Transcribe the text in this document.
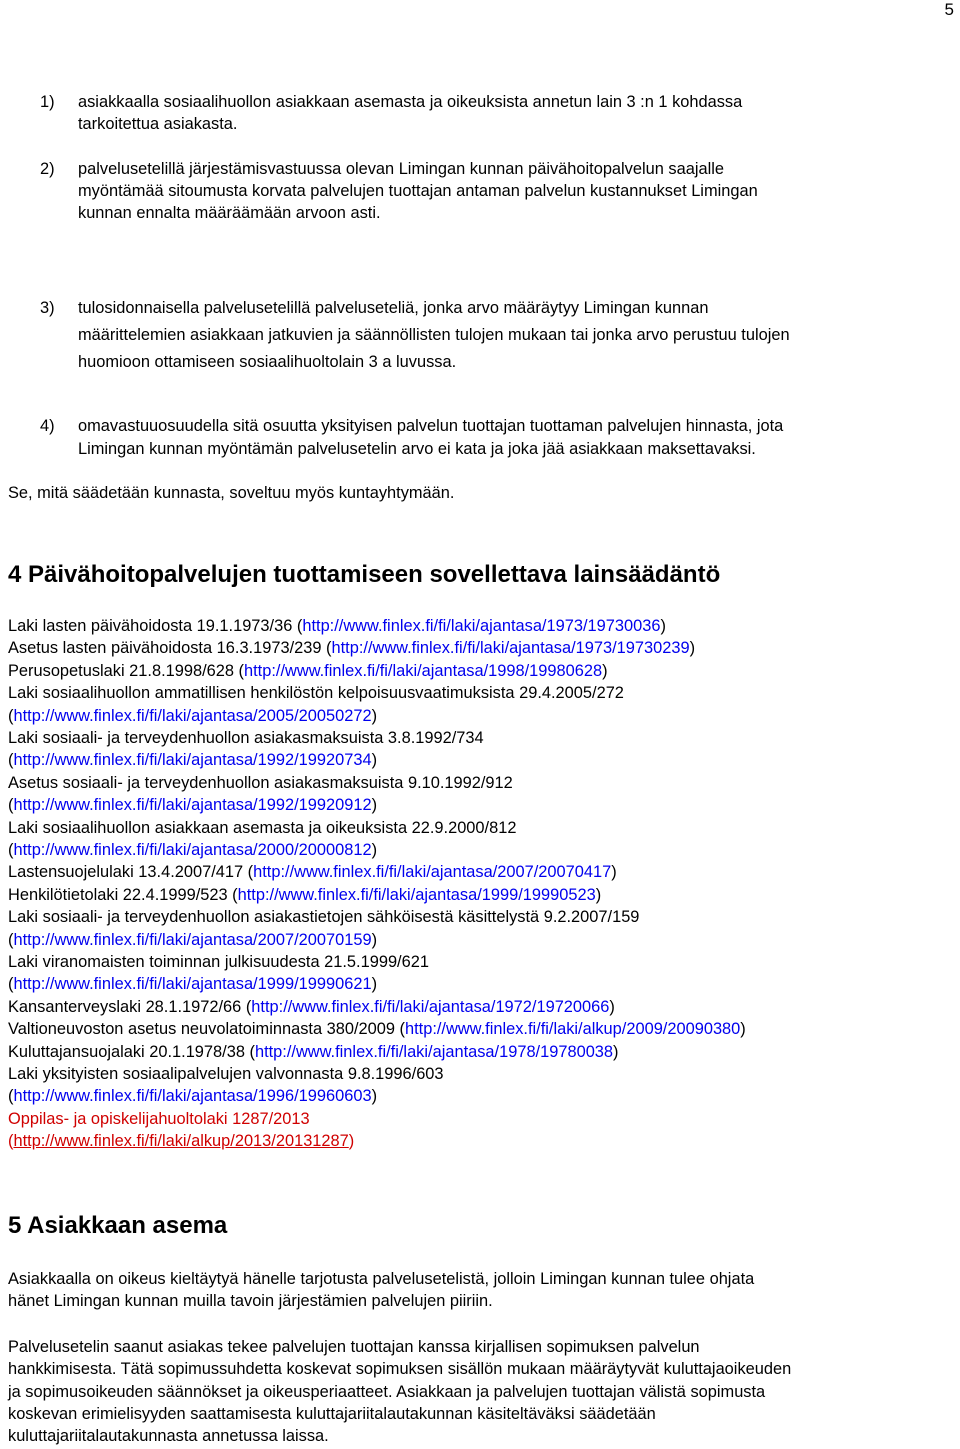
5
1) asiakkaalla sosiaalihuollon asiakkaan asemasta ja oikeuksista annetun lain 3 :n 1 kohdassa
tarkoitettua asiakasta.
2) palvelusetelillä järjestämisvastuussa olevan Limingan kunnan päivähoitopalvelun saajalle
myöntämää sitoumusta korvata palvelujen tuottajan antaman palvelun kustannukset Limingan
kunnan ennalta määräämään arvoon asti.
3) tulosidonnaisella palvelusetelillä palveluseteliä, jonka arvo määräytyy Limingan kunnan
määrittelemien asiakkaan jatkuvien ja säännöllisten tulojen mukaan tai jonka arvo perustuu tulojen
huomioon ottamiseen sosiaalihuoltolain 3 a luvussa.
4) omavastuuosuudella sitä osuutta yksityisen palvelun tuottajan tuottaman palvelujen hinnasta, jota
Limingan kunnan myöntämän palvelusetelin arvo ei kata ja joka jää asiakkaan maksettavaksi.
Se, mitä säädetään kunnasta, soveltuu myös kuntayhtymään.
4 Päivähoitopalvelujen tuottamiseen sovellettava lainsäädäntö
Laki lasten päivähoidosta 19.1.1973/36 (http://www.finlex.fi/fi/laki/ajantasa/1973/19730036)
Asetus lasten päivähoidosta 16.3.1973/239 (http://www.finlex.fi/fi/laki/ajantasa/1973/19730239)
Perusopetuslaki 21.8.1998/628 (http://www.finlex.fi/fi/laki/ajantasa/1998/19980628)
Laki sosiaalihuollon ammatillisen henkilöstön kelpoisuusvaatimuksista 29.4.2005/272
(http://www.finlex.fi/fi/laki/ajantasa/2005/20050272)
Laki sosiaali- ja terveydenhuollon asiakasmaksuista 3.8.1992/734
(http://www.finlex.fi/fi/laki/ajantasa/1992/19920734)
Asetus sosiaali- ja terveydenhuollon asiakasmaksuista 9.10.1992/912
(http://www.finlex.fi/fi/laki/ajantasa/1992/19920912)
Laki sosiaalihuollon asiakkaan asemasta ja oikeuksista 22.9.2000/812
(http://www.finlex.fi/fi/laki/ajantasa/2000/20000812)
Lastensuojelulaki 13.4.2007/417 (http://www.finlex.fi/fi/laki/ajantasa/2007/20070417)
Henkilötietolaki 22.4.1999/523 (http://www.finlex.fi/fi/laki/ajantasa/1999/19990523)
Laki sosiaali- ja terveydenhuollon asiakastietojen sähköisestä käsittelystä 9.2.2007/159
(http://www.finlex.fi/fi/laki/ajantasa/2007/20070159)
Laki viranomaisten toiminnan julkisuudesta 21.5.1999/621
(http://www.finlex.fi/fi/laki/ajantasa/1999/19990621)
Kansanterveyslaki 28.1.1972/66 (http://www.finlex.fi/fi/laki/ajantasa/1972/19720066)
Valtioneuvoston asetus neuvolatoiminnasta 380/2009 (http://www.finlex.fi/fi/laki/alkup/2009/20090380)
Kuluttajansuojalaki 20.1.1978/38 (http://www.finlex.fi/fi/laki/ajantasa/1978/19780038)
Laki yksityisten sosiaalipalvelujen valvonnasta 9.8.1996/603
(http://www.finlex.fi/fi/laki/ajantasa/1996/19960603)
Oppilas- ja opiskelijahuoltolaki 1287/2013
(http://www.finlex.fi/fi/laki/alkup/2013/20131287)
5 Asiakkaan asema
Asiakkaalla on oikeus kieltäytyä hänelle tarjotusta palvelusetelistä, jolloin Limingan kunnan tulee ohjata
hänet Limingan kunnan muilla tavoin järjestämien palvelujen piiriin.
Palvelusetelin saanut asiakas tekee palvelujen tuottajan kanssa kirjallisen sopimuksen palvelun
hankkimisesta. Tätä sopimussuhdetta koskevat sopimuksen sisällön mukaan määräytyvät kuluttajaoikeuden
ja sopimusoikeuden säännökset ja oikeusperiaatteet. Asiakkaan ja palvelujen tuottajan välistä sopimusta
koskevan erimielisyyden saattamisesta kuluttajariitalautakunnan käsiteltäväksi säädetään
kuluttajariitalautakunnasta annetussa laissa.
